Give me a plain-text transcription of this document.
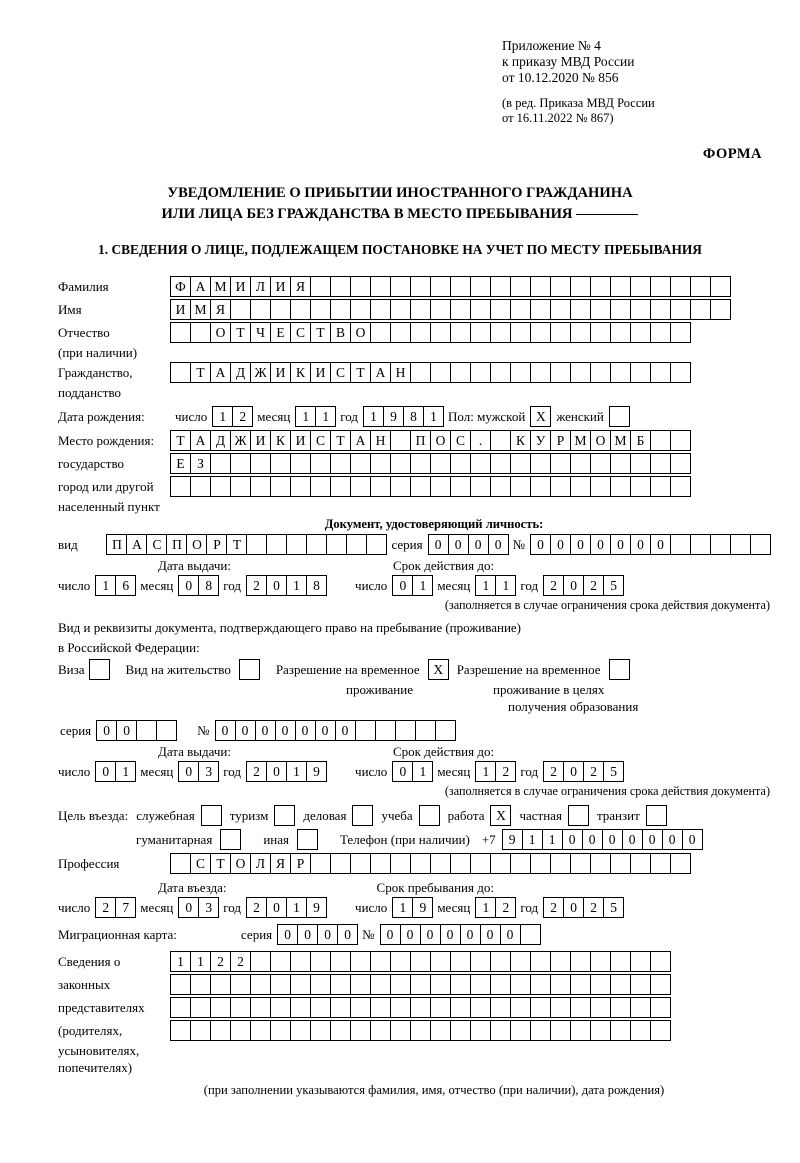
Приложение № 4
к приказу МВД России
от 10.12.2020 № 856
(в ред. Приказа МВД России
от 16.11.2022 № 867)
ФОРМА
УВЕДОМЛЕНИЕ О ПРИБЫТИИ ИНОСТРАННОГО ГРАЖДАНИНА
ИЛИ ЛИЦА БЕЗ ГРАЖДАНСТВА В МЕСТО ПРЕБЫВАНИЯ
1. СВЕДЕНИЯ О ЛИЦЕ, ПОДЛЕЖАЩЕМ ПОСТАНОВКЕ НА УЧЕТ ПО МЕСТУ ПРЕБЫВАНИЯ
Фамилия	Ф А М И Л И Я
Имя	И М Я
Отчество	О Т Ч Е С Т В О
(при наличии)
Гражданство,	Т А Д Ж И К И С Т А Н
подданство
Дата рождения:	число 1 2 месяц 1 1 год 1 9 8 1 Пол: мужской X женский
Место рождения:	Т А Д Ж И К И С Т А Н	П О С	.	К У Р М О М Б
государство	Е З
город или другой
населенный пункт
Документ, удостоверяющий личность:
вид	П А С П О Р Т	серия 0 0 0 0 № 0 0 0 0 0 0 0
Дата выдачи:	Срок действия до:
число 1 6 месяц 0 8 год 2 0 1 8	число 0 1 месяц 1 1 год 2 0 2 5
(заполняется в случае ограничения срока действия документа)
Вид и реквизиты документа, подтверждающего право на пребывание (проживание)
в Российской Федерации:
Виза	Вид на жительство	Разрешение на временное	X	Разрешение на временное
проживание	проживание в целях
получения образования
серия 0 0	№ 0 0 0 0 0 0 0
Дата выдачи:	Срок действия до:
число 0 1 месяц 0 3 год 2 0 1 9	число 0 1 месяц 1 2 год 2 0 2 5
(заполняется в случае ограничения срока действия документа)
Цель въезда: служебная	туризм	деловая	учеба	работа X	частная	транзит
гуманитарная	иная	Телефон (при наличии) +7 9 1 1 0 0 0 0 0 0 0
Профессия	С Т О Л Я Р
Дата въезда:	Срок пребывания до:
число 2 7 месяц 0 3 год 2 0 1 9	число 1 9 месяц 1 2 год 2 0 2 5
Миграционная карта:	серия 0 0 0 0 № 0 0 0 0 0 0 0
Сведения о	1 1 2 2
законных
представителях
(родителях,
усыновителях,
попечителях)
(при заполнении указываются фамилия, имя, отчество (при наличии), дата рождения)
